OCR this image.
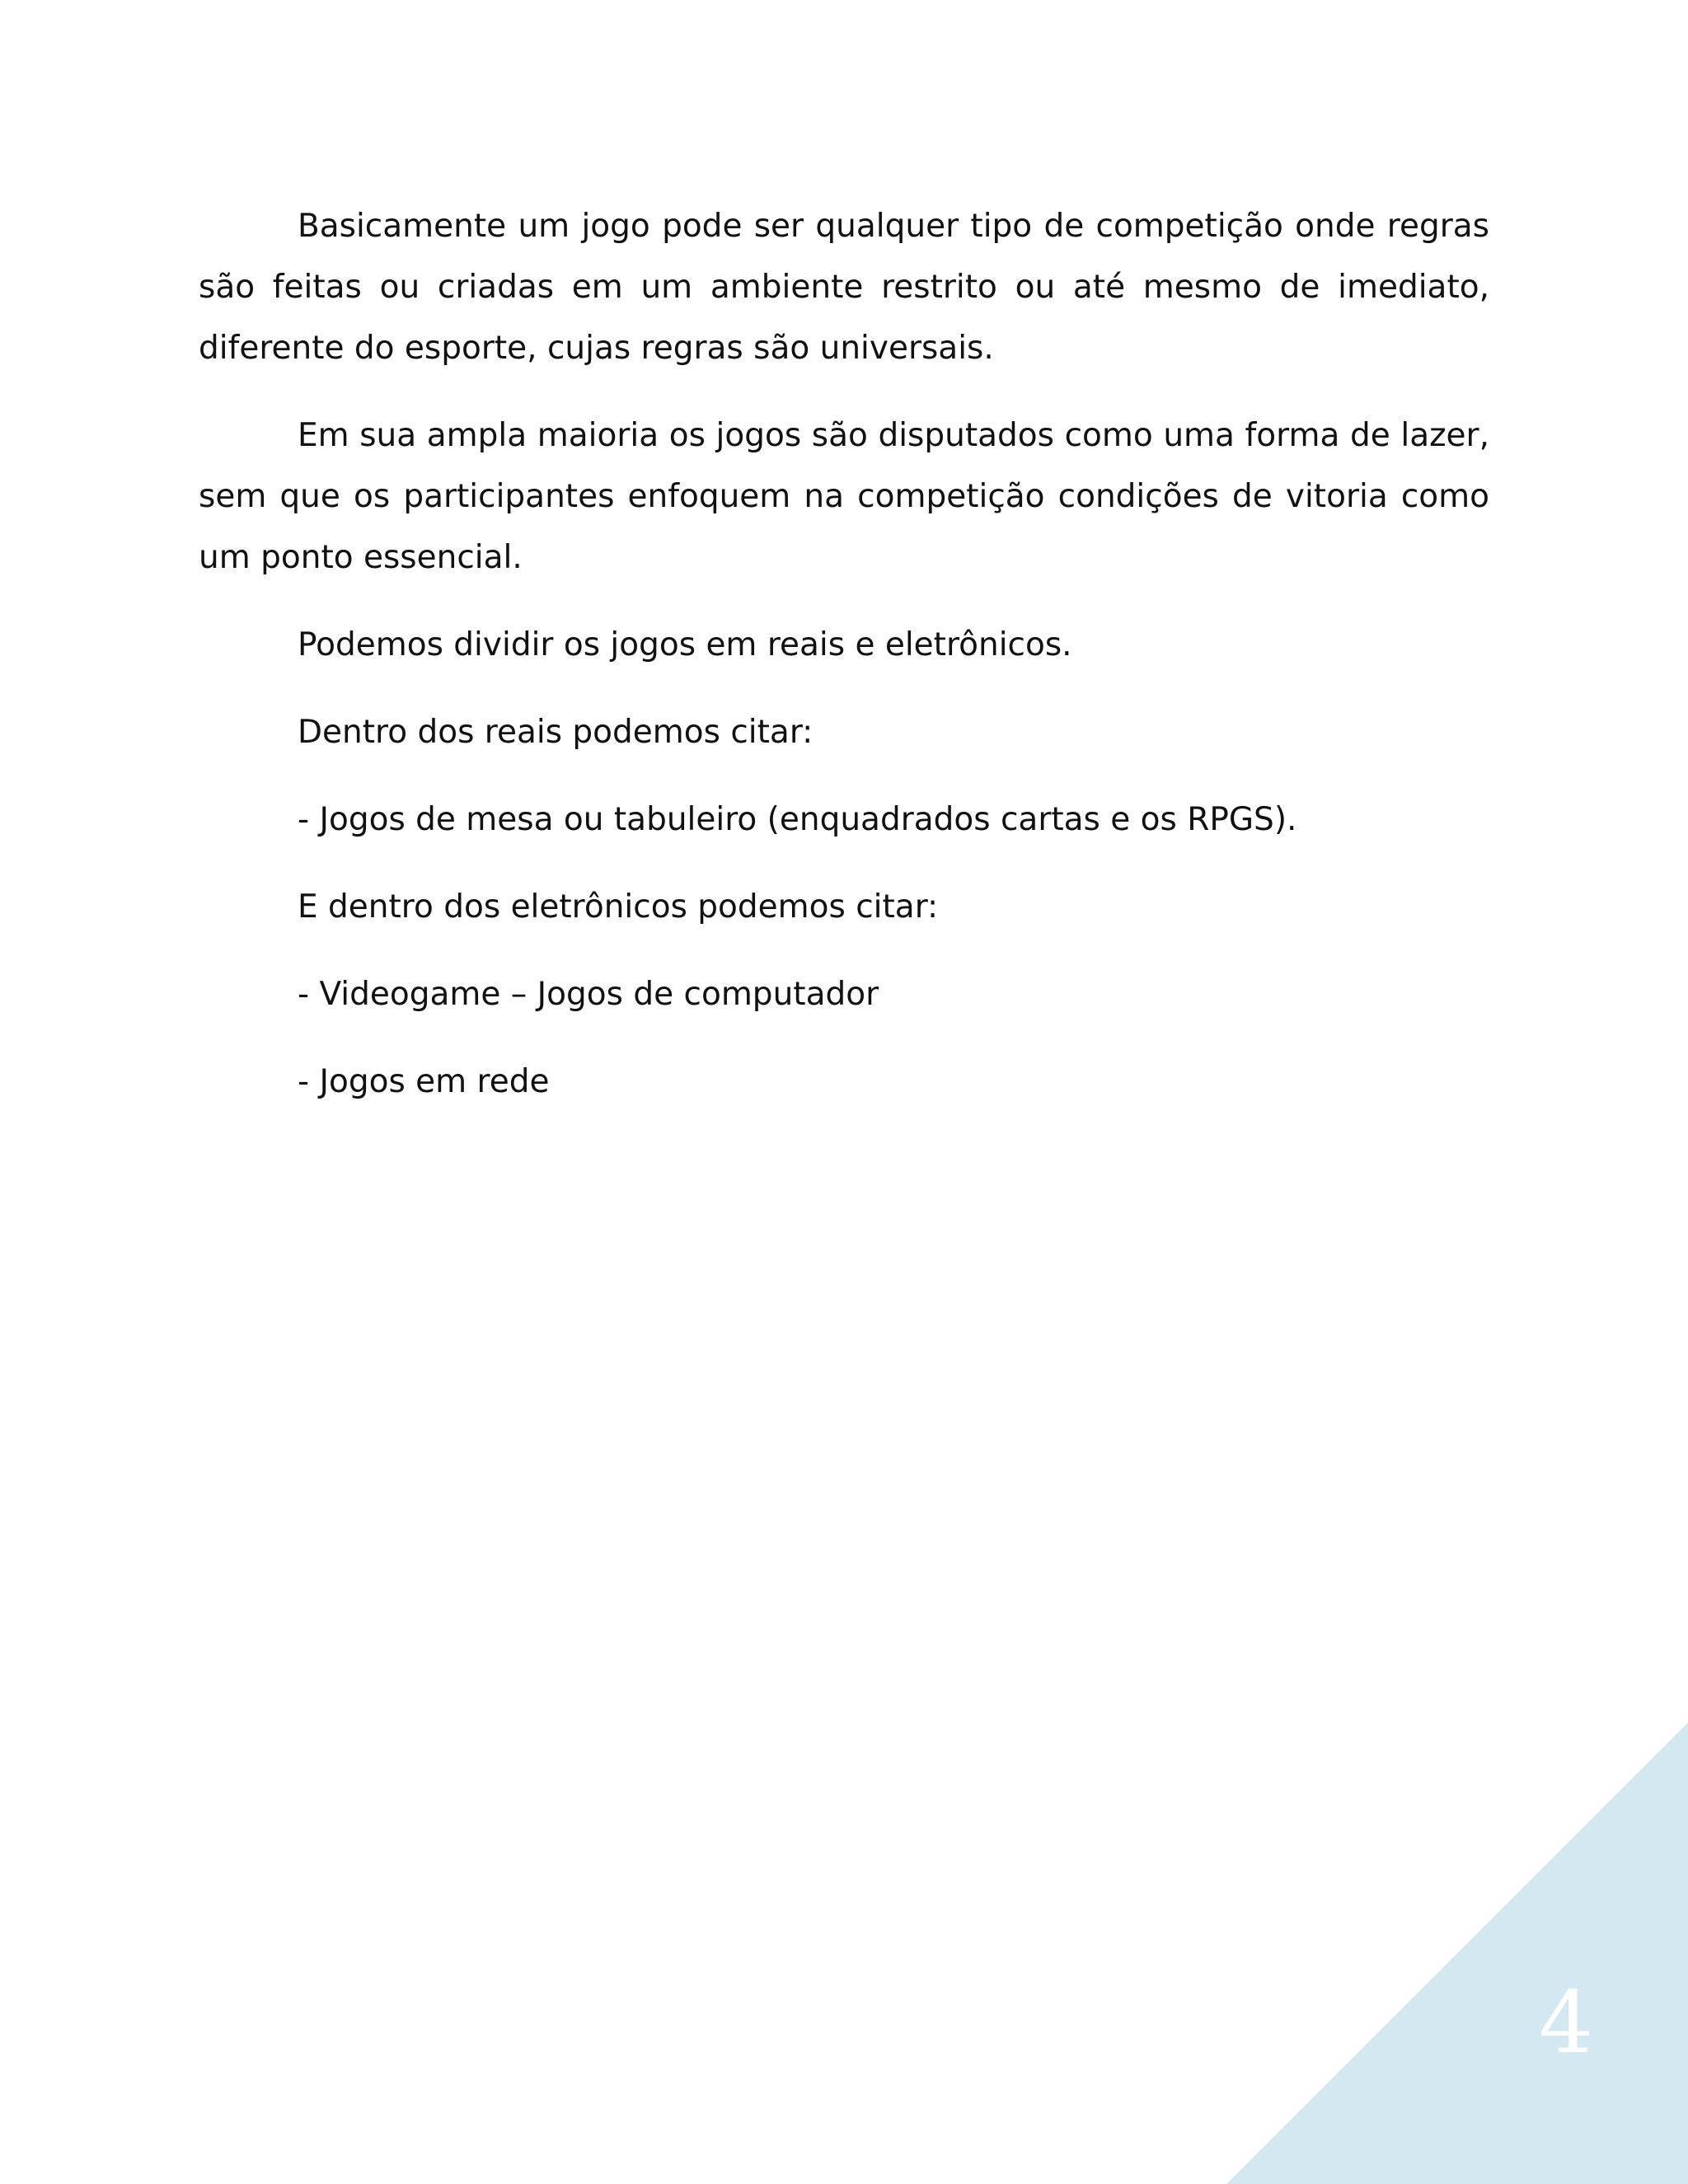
Basicamente um jogo pode ser qualquer tipo de competição onde regras são feitas ou criadas em um ambiente restrito ou até mesmo de imediato, diferente do esporte, cujas regras são universais.

Em sua ampla maioria os jogos são disputados como uma forma de lazer, sem que os participantes enfoquem na competição condições de vitoria como um ponto essencial.

Podemos dividir os jogos em reais e eletrônicos.

Dentro dos reais podemos citar:

- Jogos de mesa ou tabuleiro (enquadrados cartas e os RPGS).

E dentro dos eletrônicos podemos citar:

- Videogame – Jogos de computador

- Jogos em rede

4
